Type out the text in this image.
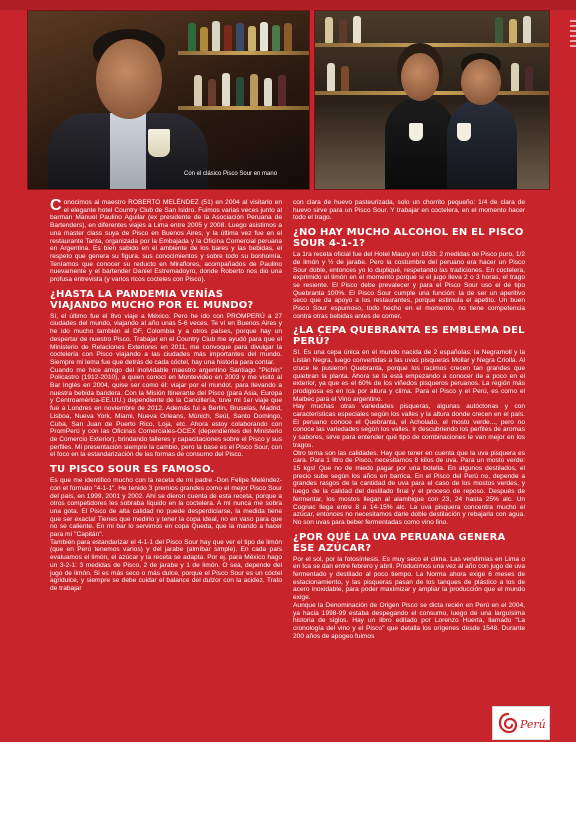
Con el clásico Pisco Sour en mano

Conocimos al maestro ROBERTO MELÉNDEZ (51) en 2004 al visitarlo en el elegante hotel Country Club de San Isidro. Fuimos varias veces junto al barman Manuel Paulino Aguilar (ex presidente de la Asociación Peruana de Bartenders), en diferentes viajes a Lima entre 2005 y 2008. Luego asistimos a una master class suya de Pisco en Buenos Aires, y la última vez fue en el restaurante Tanta, organizada por la Embajada y la Oficina Comercial peruana en Argentina. Es bien sabido en el ambiente de los bares y las bebidas, el respeto que genera su figura, sus conocimientos y sobre todo su bonhomía. Teníamos que conocer su reducto en Miraflores, acompañados de Paulino nuevamente y el bartender Daniel Estremadoyro, donde Roberto nos dio una profusa entrevista (y varios ricos cocteles con Pisco).

¿HASTA LA PANDEMIA VENÍAS VIAJANDO MUCHO POR EL MUNDO?

Sí, el último fue el 8vo viaje a México. Pero he ido con PROMPERÚ a 27 ciudades del mundo, viajando al año unas 5-6 veces. Te ví en Buenos Aires y he ido mucho también al DF, Colombia y a otros países, porque hay un despertar de nuestro Pisco. Trabajar en el Country Club me ayudó para que el Ministerio de Relaciones Exteriores en 2011, me convoque para divulgar la coctelería con Pisco viajando a las ciudades más importantes del mundo. Siempre mi lema fue que detrás de cada cóctel, hay una historia para contar.

Cuando me hice amigo del inolvidable maestro argentino Santiago "Pichín" Policastro (1912-2010), a quien conocí en Montevideo en 2003 y me visitó al Bar Inglés en 2004, quise ser como él: viajar por el mundo!, para llevando a nuestra bebida bandera. Con la Misión Itinerante del Pisco (para Asia, Europa y Centroamérica-EE.UU.) dependiente de la Cancillería, tuve mi 1er viaje que fue a Londres en noviembre de 2012. Además fui a Berlín, Bruselas, Madrid, Lisboa, Nueva York, Miami, Nueva Orleans, Múnich, Seúl, Santo Domingo, Cuba, San Juan de Puerto Rico, Loja, etc. Ahora estoy colaborando con PromPerú y con las Oficinas Comerciales-OCEX (dependientes del Ministerio de Comercio Exterior), brindando talleres y capacitaciones sobre el Pisco y sus perfiles. Mi presentación siempre la cambio, pero la base es el Pisco Sour, con el foco en la estandarización de las formas de consumo del Pisco.

TU PISCO SOUR ES FAMOSO.

Es que me identifico mucho con la receta de mi padre -Don Felipe Meléndez- con el formato "4-1-1". He tenido 3 premios grandes como el mejor Pisco Sour del país, en 1999, 2001 y 2002. Ahí se dieron cuenta de esta receta, porque a otros competidores les sobraba líquido en la coctelera. A mí nunca me sobra una gota. El Pisco de alta calidad no puede desperdiciarse, la medida tiene que ser exacta! Tienes que medirlo y tener la copa ideal, no en vaso para que no se caliente. En mi bar lo servimos en copa Queda, que la mando a hacer para mí "Capitán".

También para estandarizar el 4-1-1 del Pisco Sour hay que ver el tipo de limón (que en Perú tenemos varios) y del jarabe (almíbar simple). En cada país evaluamos el limón, el azúcar y la receta se adapta. Por ej. para México hago un 3-2-1: 3 medidas de Pisco, 2 de jarabe y 1 de limón. O sea, depende del jugo de limón. Si es más seco o más dulce, porque el Pisco Sour es un cóctel agridulce, y siempre se debe cuidar el balance del dulzor con la acidez. Trato de trabajar

con clara de huevo pasteurizada, solo un chorrito pequeño: 1/4 de clara de huevo sirve para un Pisco Sour. Y trabajar en coctelera, en el momento hacer todo el trago.

¿NO HAY MUCHO ALCOHOL EN EL PISCO SOUR 4-1-1?

La 1ra receta oficial fue del Hotel Maury en 1933: 2 medidas de Pisco puro, 1/2 de limón y ½ de jarabe. Pero la costumbre del peruano era hacer un Pisco Sour doble, entonces yo lo dupliqué, respetando las tradiciones. En coctelera, exprimido el limón en el momento porque si el jugo lleva 2 o 3 horas, el trago se resiente. El Pisco debe prevalecer y para el Pisco Sour uso el de tipo Quebranta 100%. El Pisco Sour cumple una función: la de ser un aperitivo seco que da apoyo a los restaurantes, porque estimula el apetito. Un buen Pisco Sour espumoso, todo hecho en el momento, no tiene competencia contra otras bebidas antes de comer.

¿LA CEPA QUEBRANTA ES EMBLEMA DEL PERÚ?

Sí. Es una cepa única en el mundo nacida de 2 españolas: la Negramoll y la Listán Negra, luego convertidas a las uvas pisqueras Mollar y Negra Criolla. Al cruce le pusieron Quebranta, porque los racimos crecen tan grandes que quiebran la planta. Ahora se la está empezando a conocer de a poco en el exterior, ya que es el 60% de los viñedos pisqueros peruanos. La región más prodigiosa es en Ica por altura y clima. Para el Pisco y el Perú, es como el Malbec para el Vino argentino.

Hay muchas otras variedades pisqueras, algunas autóctonas y con características especiales según los valles y la altura donde crecen en el país. El peruano conoce el Quebranta, el Acholado, el mosto verde..., pero no conoce las variedades según los valles. Ir descubriendo los perfiles de aromas y sabores, sirve para entender qué tipo de combinaciones le van mejor en los tragos.

Otro tema son las calidades. Hay que tener en cuenta que la uva pisquera es cara. Para 1 litro de Pisco, necesitamos 8 kilos de uva. Para un mosto verde: 15 kgs! Que no de miedo pagar por una botella. En algunos destilados, el precio sube según los años en barrica. En el Pisco del Perú no, depende a grandes rasgos de la cantidad de uva para el caso de los mostos verdes, y luego de la calidad del destilado final y el proceso de reposo. Después de fermentar, los mostos llegan al alambique con 23, 24 hasta 25% alc. Un Cognac llega entre 8 a 14-15% alc. La uva pisquera concentra mucho el azúcar, entonces no necesitamos darle doble destilación y rebajarla con agua. No son uvas para beber fermentadas como vino fino.

¿POR QUÉ LA UVA PERUANA GENERA ESE AZÚCAR?

Por el sol, por la fotosíntesis. Es muy seco el clima. Las vendimias en Lima o en Ica se dan entre febrero y abril. Producimos una vez al año con jugo de uva fermentado y destilado al poco tiempo. La Norma ahora exige 6 meses de estacionamiento, y las pisqueras pasan de los tanques de plástico a los de acero inoxidable, para poder maximizar y ampliar la producción que el mundo exige.

Aunque la Denominación de Origen Pisco se dicta recién en Perú en el 2004, ya hacia 1998-99 estaba despegando el consumo, luego de una larguísima historia de siglos. Hay un libro editado por Lorenzo Huerta, llamado "La cronología del vino y el Pisco" que detalla los orígenes desde 1548. Durante 200 años de apogeo fuimos

Perú
